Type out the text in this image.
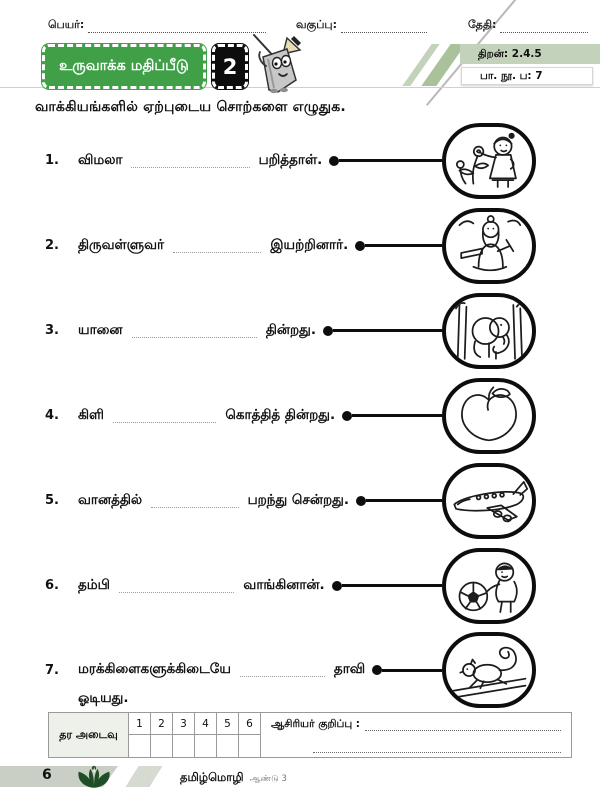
திறன்: 2.4.5
பா. நூ. ப: 7
பெயர்:	வகுப்பு:	தேதி:
உருவாக்க மதிப்பீடு 2
வாக்கியங்களில் ஏற்புடைய சொற்களை எழுதுக.
1.	விமலா	பறித்தாள்.
2.	திருவள்ளுவர்	இயற்றினார்.
3.	யானை	தின்றது.
4.	கிளி	கொத்தித் தின்றது.
5.	வானத்தில்	பறந்து சென்றது.
6.	தம்பி	வாங்கினான்.
7.	மரக்கிளைகளுக்கிடையே	தாவி
ஓடியது.
தர அடைவு
1	2	3	4	5	6	ஆசிரியர் குறிப்பு :
6	தமிழ்மொழி ஆண்டு 3
